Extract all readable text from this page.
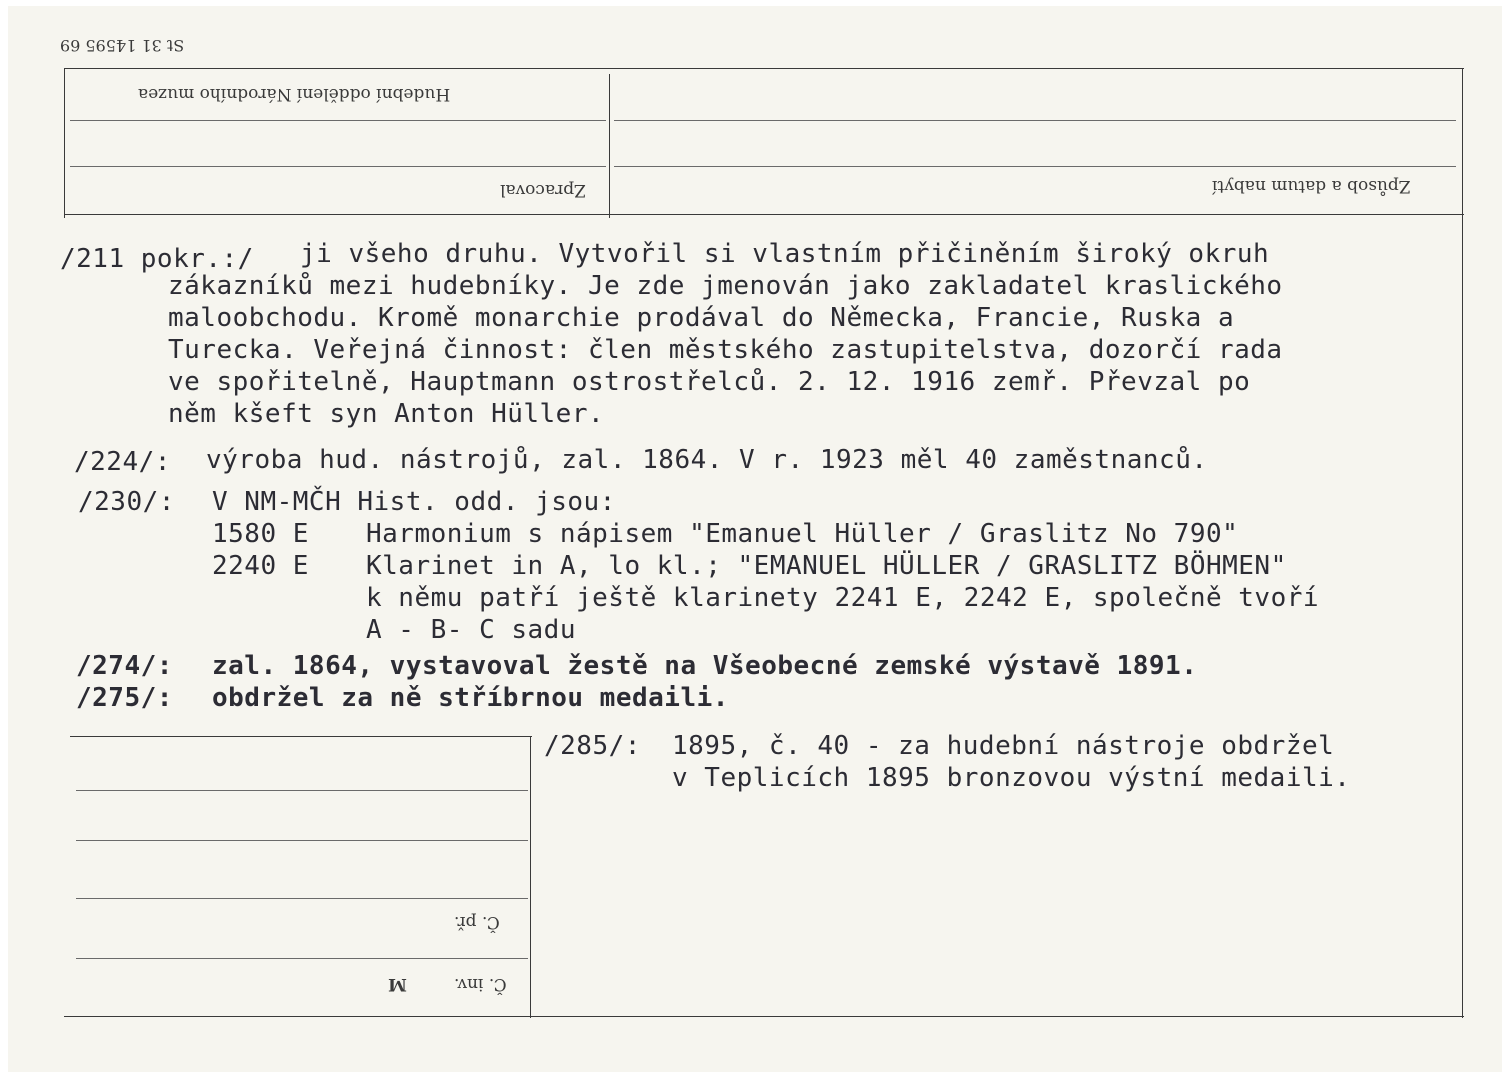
St 31 14595 69
Hudební oddělení Národního muzea
Zpracoval	Způsob a datum nabytí
/211 pokr.:/ ji všeho druhu. Vytvořil si vlastním přičiněním široký okruh
zákazníků mezi hudebníky. Je zde jmenován jako zakladatel kraslického
maloobchodu. Kromě monarchie prodával do Německa, Francie, Ruska a
Turecka. Veřejná činnost: člen městského zastupitelstva, dozorčí rada
ve spořitelně, Hauptmann ostrostřelců. 2. 12. 1916 zemř. Převzal po
něm kšeft syn Anton Hüller.
/224/: výroba hud. nástrojů, zal. 1864. V r. 1923 měl 40 zaměstnanců.
/230/: V NM-MČH Hist. odd. jsou:
1580 E Harmonium s nápisem "Emanuel Hüller / Graslitz No 790"
2240 E Klarinet in A, lo kl.; "EMANUEL HÜLLER / GRASLITZ BÖHMEN"
k němu patří ještě klarinety 2241 E, 2242 E, společně tvoří
A - B- C sadu
/274/: zal. 1864, vystavoval žestě na Všeobecné zemské výstavě 1891.
/275/: obdržel za ně stříbrnou medaili.
Č. př.
Č. inv.
M
/285/: 1895, č. 40 - za hudební nástroje obdržel
v Teplicích 1895 bronzovou výstní medaili.
